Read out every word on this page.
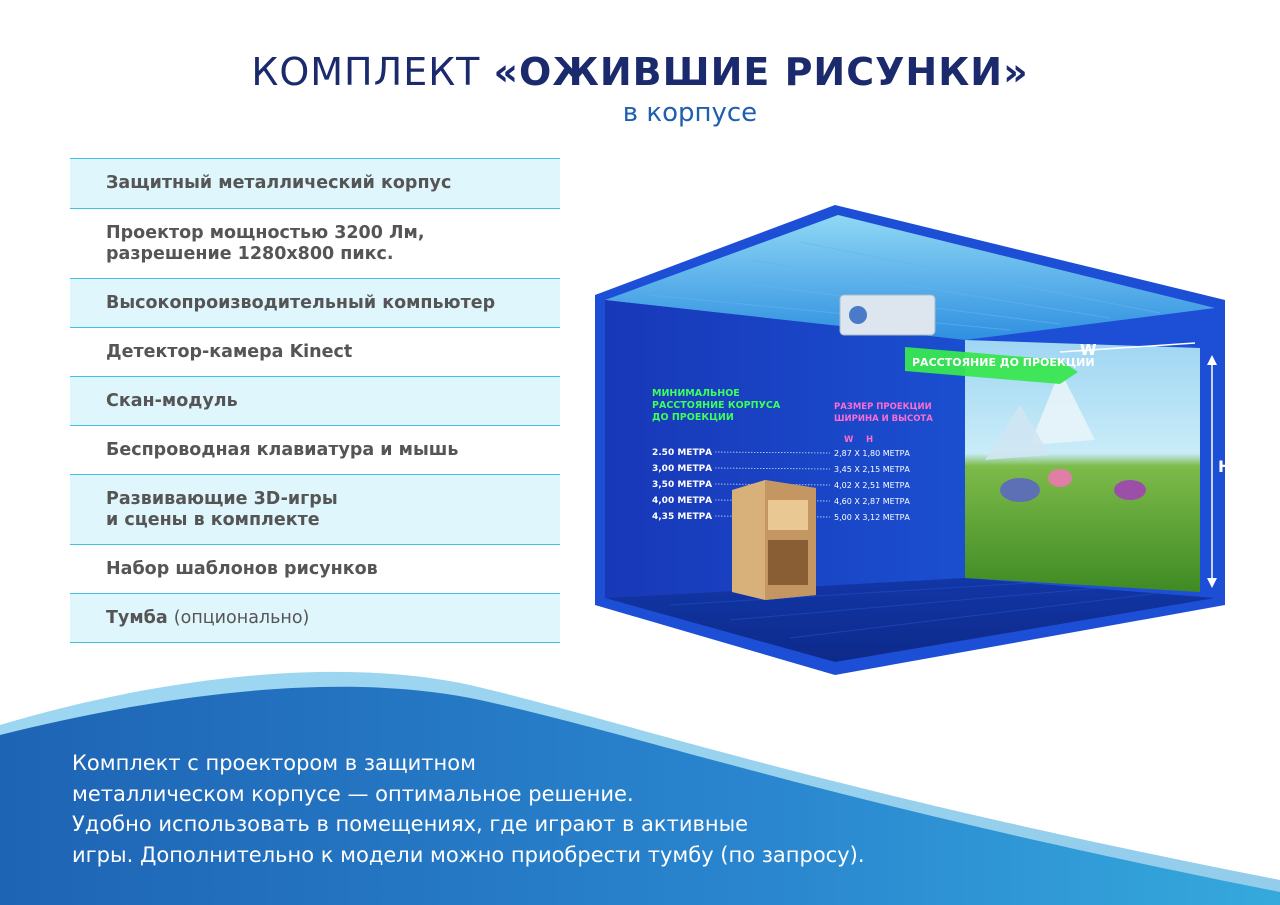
КОМПЛЕКТ «ОЖИВШИЕ РИСУНКИ»
в корпусе
Защитный металлический корпус
Проектор мощностью 3200 Лм,
разрешение 1280x800 пикс.
Высокопроизводительный компьютер
Детектор-камера Kinect
Скан-модуль
Беспроводная клавиатура и мышь
Развивающие 3D-игры
и сцены в комплекте
Набор шаблонов рисунков
Тумба
(опционально)
РАССТОЯНИЕ ДО ПРОЕКЦИИ
W
H
МИНИМАЛЬНОЕ
РАССТОЯНИЕ КОРПУСА
ДО ПРОЕКЦИИ
РАЗМЕР ПРОЕКЦИИ
ШИРИНА И ВЫСОТА
W H
2.50 МЕТРА
3,00 МЕТРА
3,50 МЕТРА
4,00 МЕТРА
4,35 МЕТРА
2,87 X 1,80 МЕТРА
3,45 X 2,15 МЕТРА
4,02 X 2,51 МЕТРА
4,60 X 2,87 МЕТРА
5,00 X 3,12 МЕТРА
Комплект с проектором в защитном
металлическом корпусе — оптимальное решение.
Удобно использовать в помещениях, где играют в активные
игры. Дополнительно к модели можно приобрести тумбу (по запросу).
